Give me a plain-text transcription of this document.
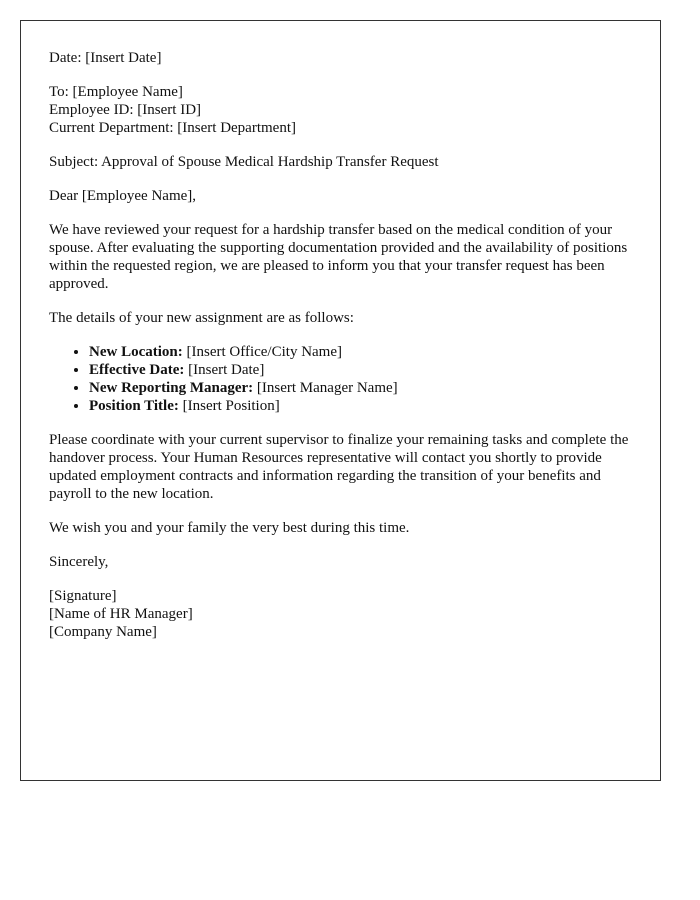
Date: [Insert Date]

To: [Employee Name]
Employee ID: [Insert ID]
Current Department: [Insert Department]

Subject: Approval of Spouse Medical Hardship Transfer Request

Dear [Employee Name],

We have reviewed your request for a hardship transfer based on the medical condition of your spouse. After evaluating the supporting documentation provided and the availability of positions within the requested region, we are pleased to inform you that your transfer request has been approved.

The details of your new assignment are as follows:

• New Location: [Insert Office/City Name]
• Effective Date: [Insert Date]
• New Reporting Manager: [Insert Manager Name]
• Position Title: [Insert Position]

Please coordinate with your current supervisor to finalize your remaining tasks and complete the handover process. Your Human Resources representative will contact you shortly to provide updated employment contracts and information regarding the transition of your benefits and payroll to the new location.

We wish you and your family the very best during this time.

Sincerely,

[Signature]
[Name of HR Manager]
[Company Name]
